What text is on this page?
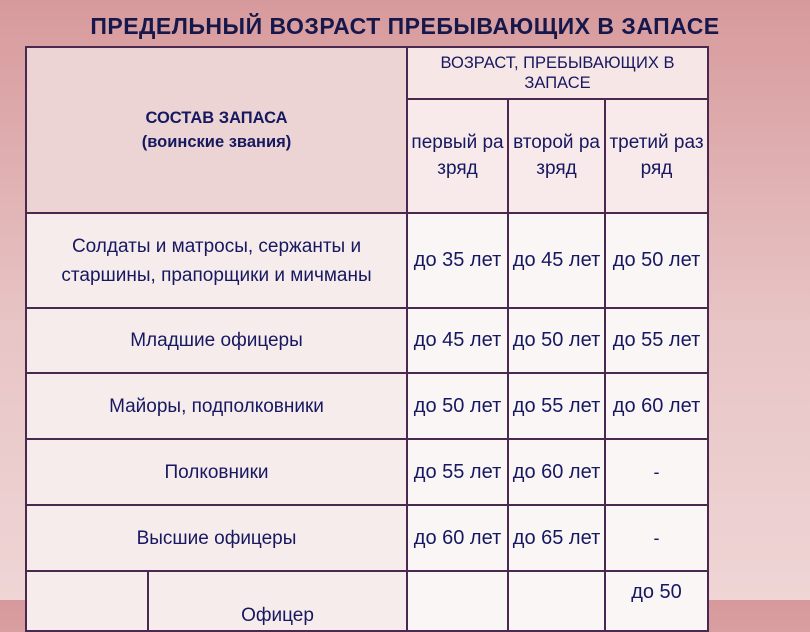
ПРЕДЕЛЬНЫЙ ВОЗРАСТ ПРЕБЫВАЮЩИХ В ЗАПАСЕ
СОСТАВ ЗАПАСА
(воинские звания)		ВОЗРАСТ, ПРЕБЫВАЮЩИХ В ЗАПАСЕ		
		первый разряд	второй разряд	третий разряд
Солдаты и матросы, сержанты и старшины, прапорщики и мичманы		до 35 лет	до 45 лет	до 50 лет
Младшие офицеры		до 45 лет	до 50 лет	до 55 лет
Майоры, подполковники		до 50 лет	до 55 лет	до 60 лет
Полковники		до 55 лет	до 60 лет	-
Высшие офицеры		до 60 лет	до 65 лет	-
	Офицер			до 50
